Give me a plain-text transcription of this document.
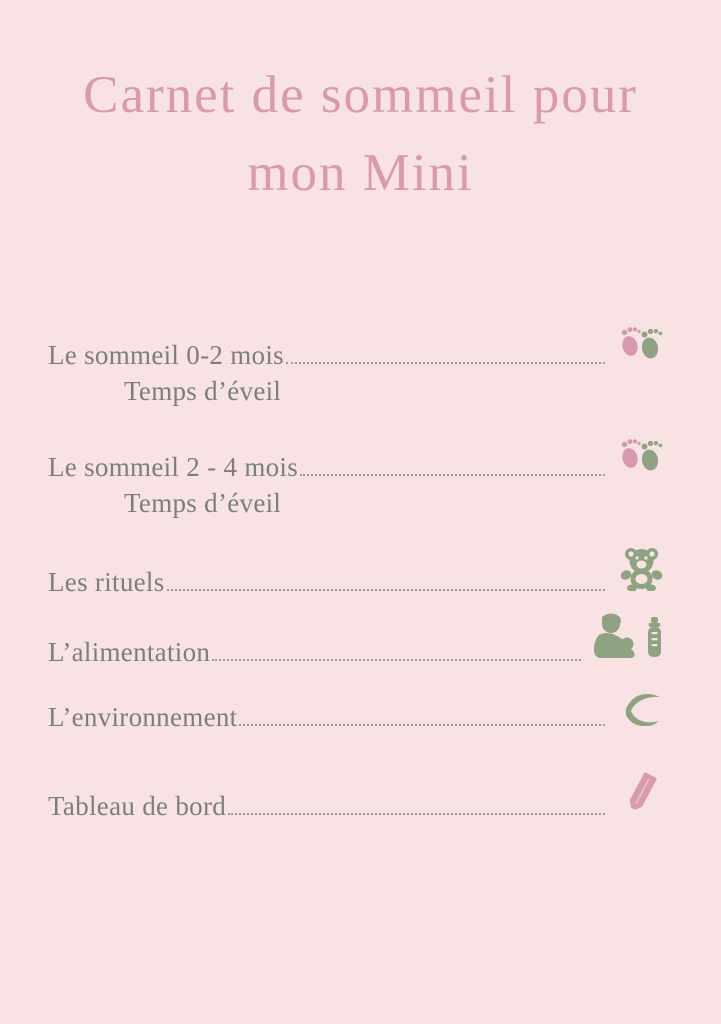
Carnet de sommeil pour
mon Mini
Le sommeil 0-2 mois
Temps d’éveil
Le sommeil 2 - 4 mois
Temps d’éveil
Les rituels
L’alimentation
L’environnement
Tableau de bord
